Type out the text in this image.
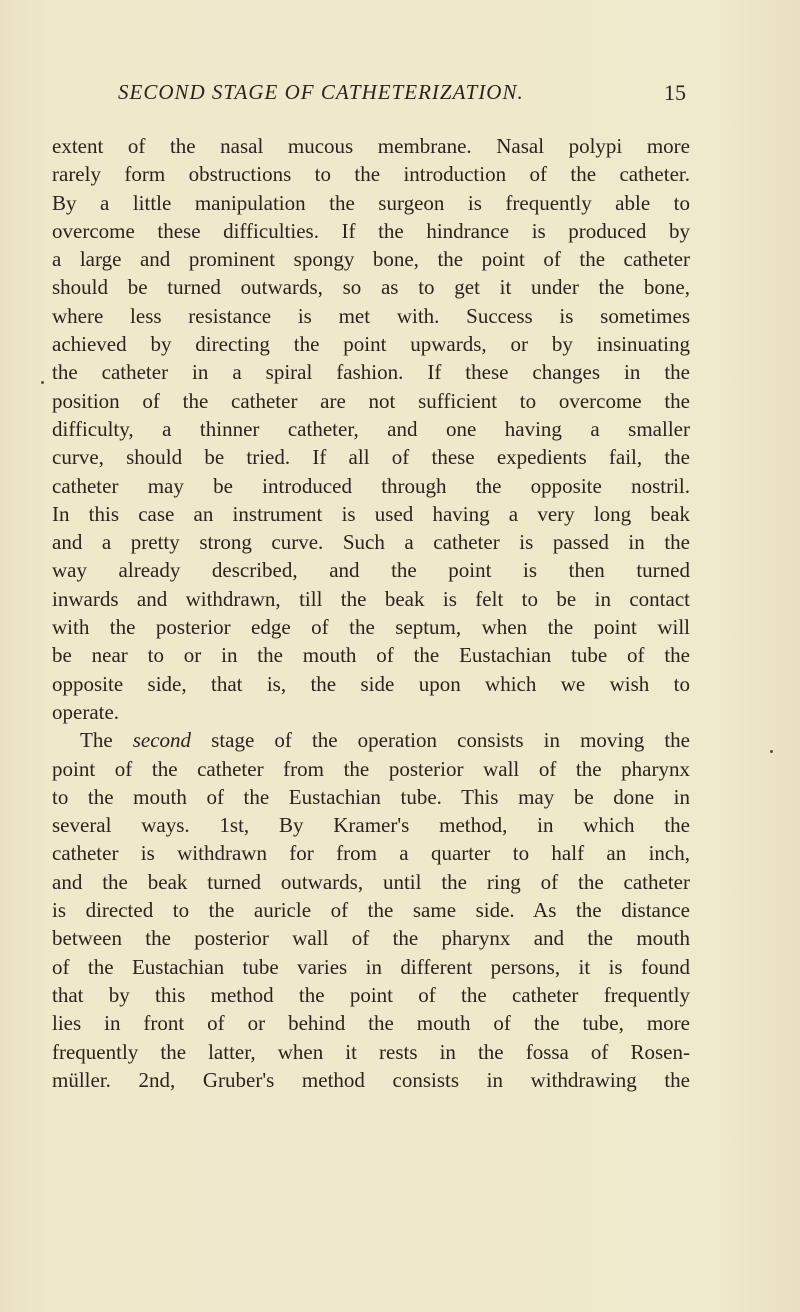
SECOND STAGE OF CATHETERIZATION.	15
extent of the nasal mucous membrane. Nasal polypi more
rarely form obstructions to the introduction of the catheter.
By a little manipulation the surgeon is frequently able to
overcome these difficulties. If the hindrance is produced by
a large and prominent spongy bone, the point of the catheter
should be turned outwards, so as to get it under the bone,
where less resistance is met with. Success is sometimes
achieved by directing the point upwards, or by insinuating
the catheter in a spiral fashion. If these changes in the
position of the catheter are not sufficient to overcome the
difficulty, a thinner catheter, and one having a smaller
curve, should be tried. If all of these expedients fail, the
catheter may be introduced through the opposite nostril.
In this case an instrument is used having a very long beak
and a pretty strong curve. Such a catheter is passed in the
way already described, and the point is then turned
inwards and withdrawn, till the beak is felt to be in contact
with the posterior edge of the septum, when the point will
be near to or in the mouth of the Eustachian tube of the
opposite side, that is, the side upon which we wish to
operate.
The second stage of the operation consists in moving the
point of the catheter from the posterior wall of the pharynx
to the mouth of the Eustachian tube. This may be done in
several ways. 1st, By Kramer's method, in which the
catheter is withdrawn for from a quarter to half an inch,
and the beak turned outwards, until the ring of the catheter
is directed to the auricle of the same side. As the distance
between the posterior wall of the pharynx and the mouth
of the Eustachian tube varies in different persons, it is found
that by this method the point of the catheter frequently
lies in front of or behind the mouth of the tube, more
frequently the latter, when it rests in the fossa of Rosen-
müller. 2nd, Gruber's method consists in withdrawing the
